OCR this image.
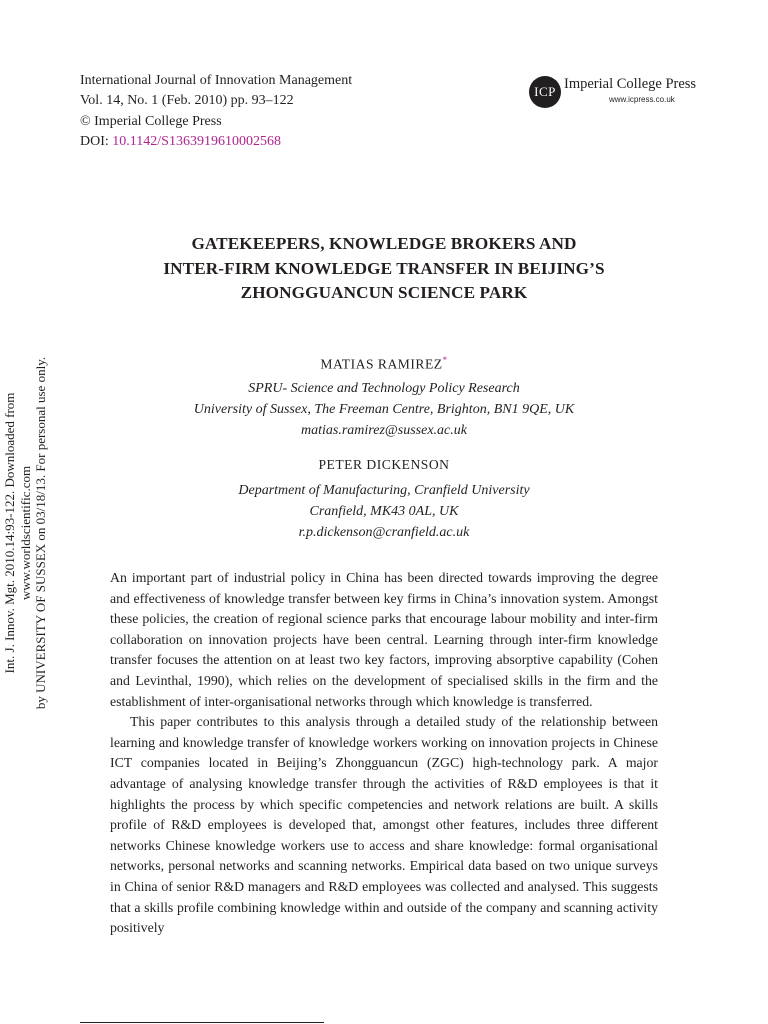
International Journal of Innovation Management
Vol. 14, No. 1 (Feb. 2010) pp. 93–122
© Imperial College Press
DOI: 10.1142/S1363919610002568
ICP Imperial College Press
www.icpress.co.uk
Int. J. Innov. Mgt. 2010.14:93-122. Downloaded from www.worldscientific.com by UNIVERSITY OF SUSSEX on 03/18/13. For personal use only.
GATEKEEPERS, KNOWLEDGE BROKERS AND
INTER-FIRM KNOWLEDGE TRANSFER IN BEIJING’S
ZHONGGUANCUN SCIENCE PARK
MATIAS RAMIREZ*
SPRU- Science and Technology Policy Research
University of Sussex, The Freeman Centre, Brighton, BN1 9QE, UK
matias.ramirez@sussex.ac.uk
PETER DICKENSON
Department of Manufacturing, Cranfield University
Cranfield, MK43 0AL, UK
r.p.dickenson@cranfield.ac.uk

An important part of industrial policy in China has been directed towards improving the degree and effectiveness of knowledge transfer between key firms in China’s innovation system. Amongst these policies, the creation of regional science parks that encourage labour mobility and inter-firm collaboration on innovation projects have been central. Learning through inter-firm knowledge transfer focuses the attention on at least two key factors, improving absorptive capability (Cohen and Levinthal, 1990), which relies on the development of specialised skills in the firm and the establishment of inter-organisational networks through which knowledge is transferred.

This paper contributes to this analysis through a detailed study of the relationship between learning and knowledge transfer of knowledge workers working on innovation projects in Chinese ICT companies located in Beijing’s Zhongguancun (ZGC) high-technology park. A major advantage of analysing knowledge transfer through the activities of R&D employees is that it highlights the process by which specific competencies and network relations are built. A skills profile of R&D employees is developed that, amongst other features, includes three different networks Chinese knowledge workers use to access and share knowledge: formal organisational networks, personal networks and scanning networks. Empirical data based on two unique surveys in China of senior R&D managers and R&D employees was collected and analysed. This suggests that a skills profile combining knowledge within and outside of the company and scanning activity positively
